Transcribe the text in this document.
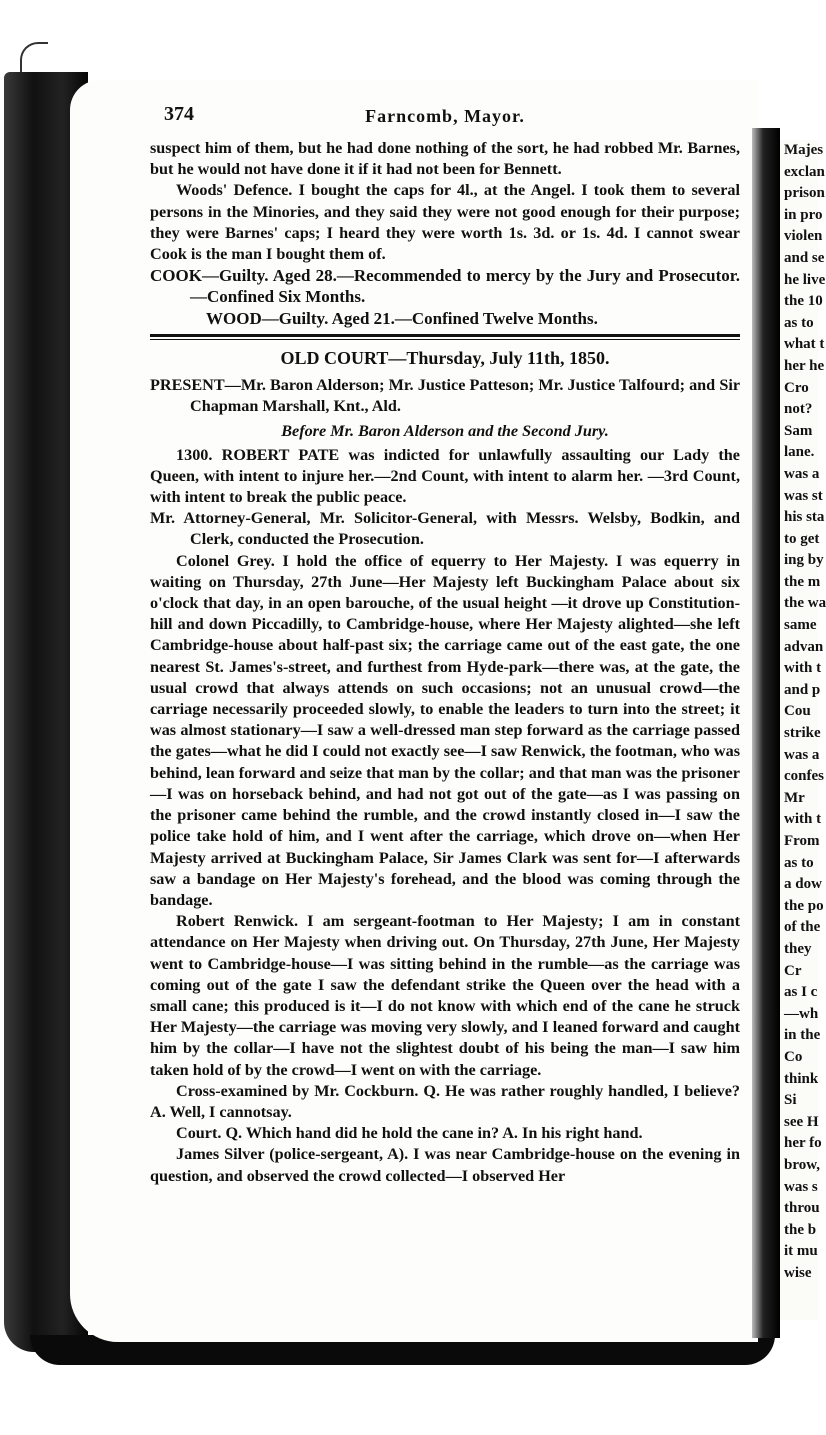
Majes
exclan
prison
in pro
violen
and se
he live
the 10
as to
what t
her he
Cro
not?
Sam
lane.
was a
was st
his sta
to get
ing by
the m
the wa
same
advan
with t
and p
Cou
strike
was a
confes
Mr
with t
From
as to
a dow
the po
of the
they
Cr
as I c
—wh
in the
Co
think
Si
see H
her fo
brow,
was s
throu
the b
it mu
wise
374	Farncomb, Mayor.

suspect him of them, but he had done nothing of the sort, he had robbed Mr. Barnes, but he would not have done it if it had not been for Bennett.

Woods' Defence. I bought the caps for 4l., at the Angel. I took them to several persons in the Minories, and they said they were not good enough for their purpose; they were Barnes' caps; I heard they were worth 1s. 3d. or 1s. 4d. I cannot swear Cook is the man I bought them of.

COOK—Guilty. Aged 28.—Recommended to mercy by the Jury and Prosecutor.—Confined Six Months.

WOOD—Guilty. Aged 21.—Confined Twelve Months.

OLD COURT—Thursday, July 11th, 1850.

PRESENT—Mr. Baron Alderson; Mr. Justice Patteson; Mr. Justice Talfourd; and Sir Chapman Marshall, Knt., Ald.

Before Mr. Baron Alderson and the Second Jury.

1300. ROBERT PATE was indicted for unlawfully assaulting our Lady the Queen, with intent to injure her.—2nd Count, with intent to alarm her. —3rd Count, with intent to break the public peace.

Mr. Attorney-General, Mr. Solicitor-General, with Messrs. Welsby, Bodkin, and Clerk, conducted the Prosecution.

Colonel Grey. I hold the office of equerry to Her Majesty. I was equerry in waiting on Thursday, 27th June—Her Majesty left Buckingham Palace about six o'clock that day, in an open barouche, of the usual height —it drove up Constitution-hill and down Piccadilly, to Cambridge-house, where Her Majesty alighted—she left Cambridge-house about half-past six; the carriage came out of the east gate, the one nearest St. James's-street, and furthest from Hyde-park—there was, at the gate, the usual crowd that always attends on such occasions; not an unusual crowd—the carriage necessarily proceeded slowly, to enable the leaders to turn into the street; it was almost stationary—I saw a well-dressed man step forward as the carriage passed the gates—what he did I could not exactly see—I saw Renwick, the footman, who was behind, lean forward and seize that man by the collar; and that man was the prisoner—I was on horseback behind, and had not got out of the gate—as I was passing on the prisoner came behind the rumble, and the crowd instantly closed in—I saw the police take hold of him, and I went after the carriage, which drove on—when Her Majesty arrived at Buckingham Palace, Sir James Clark was sent for—I afterwards saw a bandage on Her Majesty's forehead, and the blood was coming through the bandage.

Robert Renwick. I am sergeant-footman to Her Majesty; I am in constant attendance on Her Majesty when driving out. On Thursday, 27th June, Her Majesty went to Cambridge-house—I was sitting behind in the rumble—as the carriage was coming out of the gate I saw the defendant strike the Queen over the head with a small cane; this produced is it—I do not know with which end of the cane he struck Her Majesty—the carriage was moving very slowly, and I leaned forward and caught him by the collar—I have not the slightest doubt of his being the man—I saw him taken hold of by the crowd—I went on with the carriage.

Cross-examined by Mr. Cockburn. Q. He was rather roughly handled, I believe? A. Well, I cannotsay.

Court. Q. Which hand did he hold the cane in? A. In his right hand.

James Silver (police-sergeant, A). I was near Cambridge-house on the evening in question, and observed the crowd collected—I observed Her
